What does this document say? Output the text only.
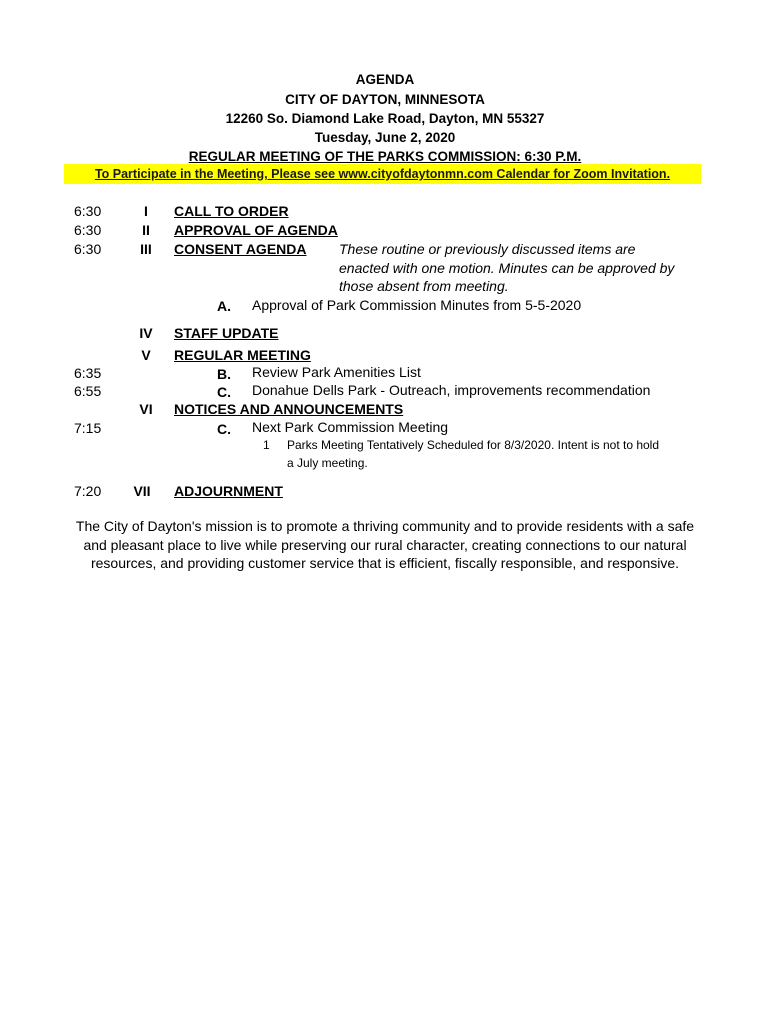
AGENDA
CITY OF DAYTON, MINNESOTA
12260 So. Diamond Lake Road, Dayton, MN 55327
Tuesday, June 2, 2020
REGULAR MEETING OF THE PARKS COMMISSION: 6:30 P.M.
To Participate in the Meeting, Please see www.cityofdaytonmn.com Calendar for Zoom Invitation.
6:30	I	CALL TO ORDER
6:30	II	APPROVAL OF AGENDA
6:30	III	CONSENT AGENDA These routine or previously discussed items are
enacted with one motion. Minutes can be approved by
those absent from meeting.
A. Approval of Park Commission Minutes from 5-5-2020
IV	STAFF UPDATE
V	REGULAR MEETING
6:35	B. Review Park Amenities List
6:55	C. Donahue Dells Park - Outreach, improvements recommendation
VI	NOTICES AND ANNOUNCEMENTS
7:15	C. Next Park Commission Meeting
1 Parks Meeting Tentatively Scheduled for 8/3/2020. Intent is not to hold
a July meeting.
7:20	VII	ADJOURNMENT
The City of Dayton's mission is to promote a thriving community and to provide residents with a safe and pleasant place to live while preserving our rural character, creating connections to our natural resources, and providing customer service that is efficient, fiscally responsible, and responsive.
